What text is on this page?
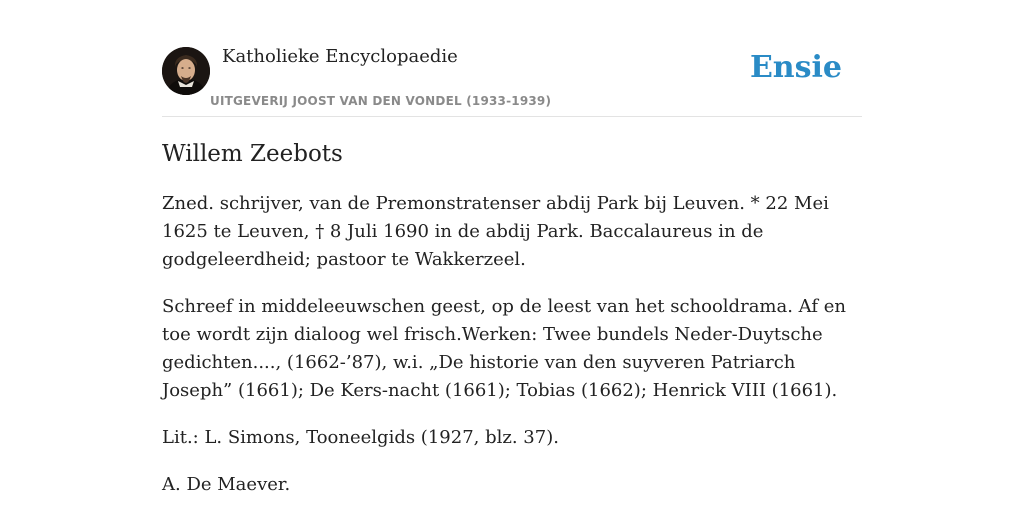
Katholieke Encyclopaedie
UITGEVERIJ JOOST VAN DEN VONDEL (1933-1939)
Ensie
Willem Zeebots

Zned. schrijver, van de Premonstratenser abdij Park bij Leuven. * 22 Mei 1625 te Leuven, † 8 Juli 1690 in de abdij Park. Baccalaureus in de godgeleerdheid; pastoor te Wakkerzeel.

Schreef in middeleeuwschen geest, op de leest van het schooldrama. Af en toe wordt zijn dialoog wel frisch.Werken: Twee bundels Neder-Duytsche gedichten...., (1662-’87), w.i. „De historie van den suyveren Patriarch Joseph” (1661); De Kers-nacht (1661); Tobias (1662); Henrick VIII (1661).

Lit.: L. Simons, Tooneelgids (1927, blz. 37).

A. De Maever.
